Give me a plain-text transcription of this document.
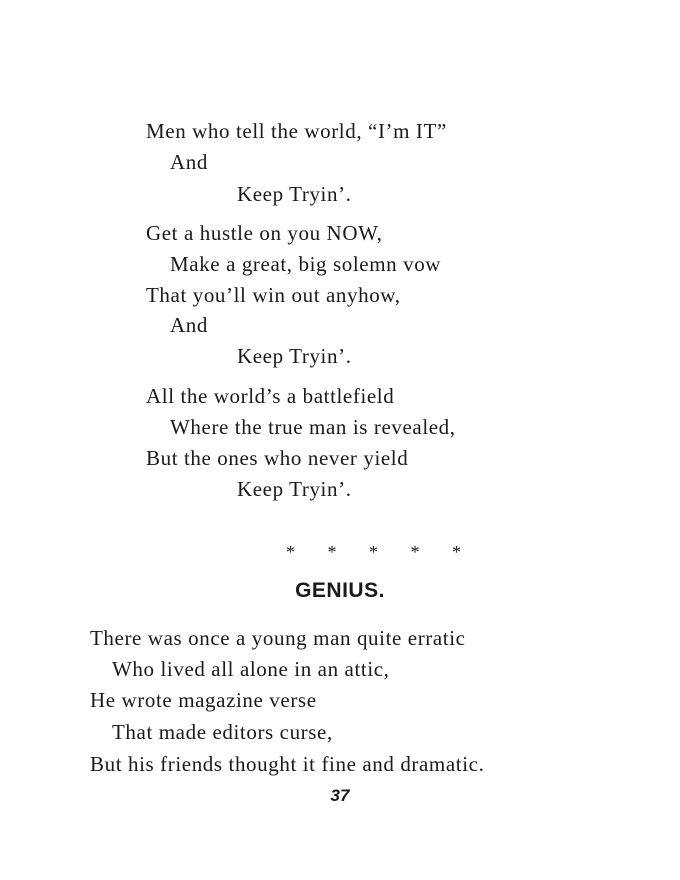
Men who tell the world, “I’m IT”
And
Keep Tryin’.
Get a hustle on you NOW,
Make a great, big solemn vow
That you’ll win out anyhow,
And
Keep Tryin’.
All the world’s a battlefield
Where the true man is revealed,
But the ones who never yield
Keep Tryin’.
* * * * *
GENIUS.
There was once a young man quite erratic
Who lived all alone in an attic,
He wrote magazine verse
That made editors curse,
But his friends thought it fine and dramatic.
37
